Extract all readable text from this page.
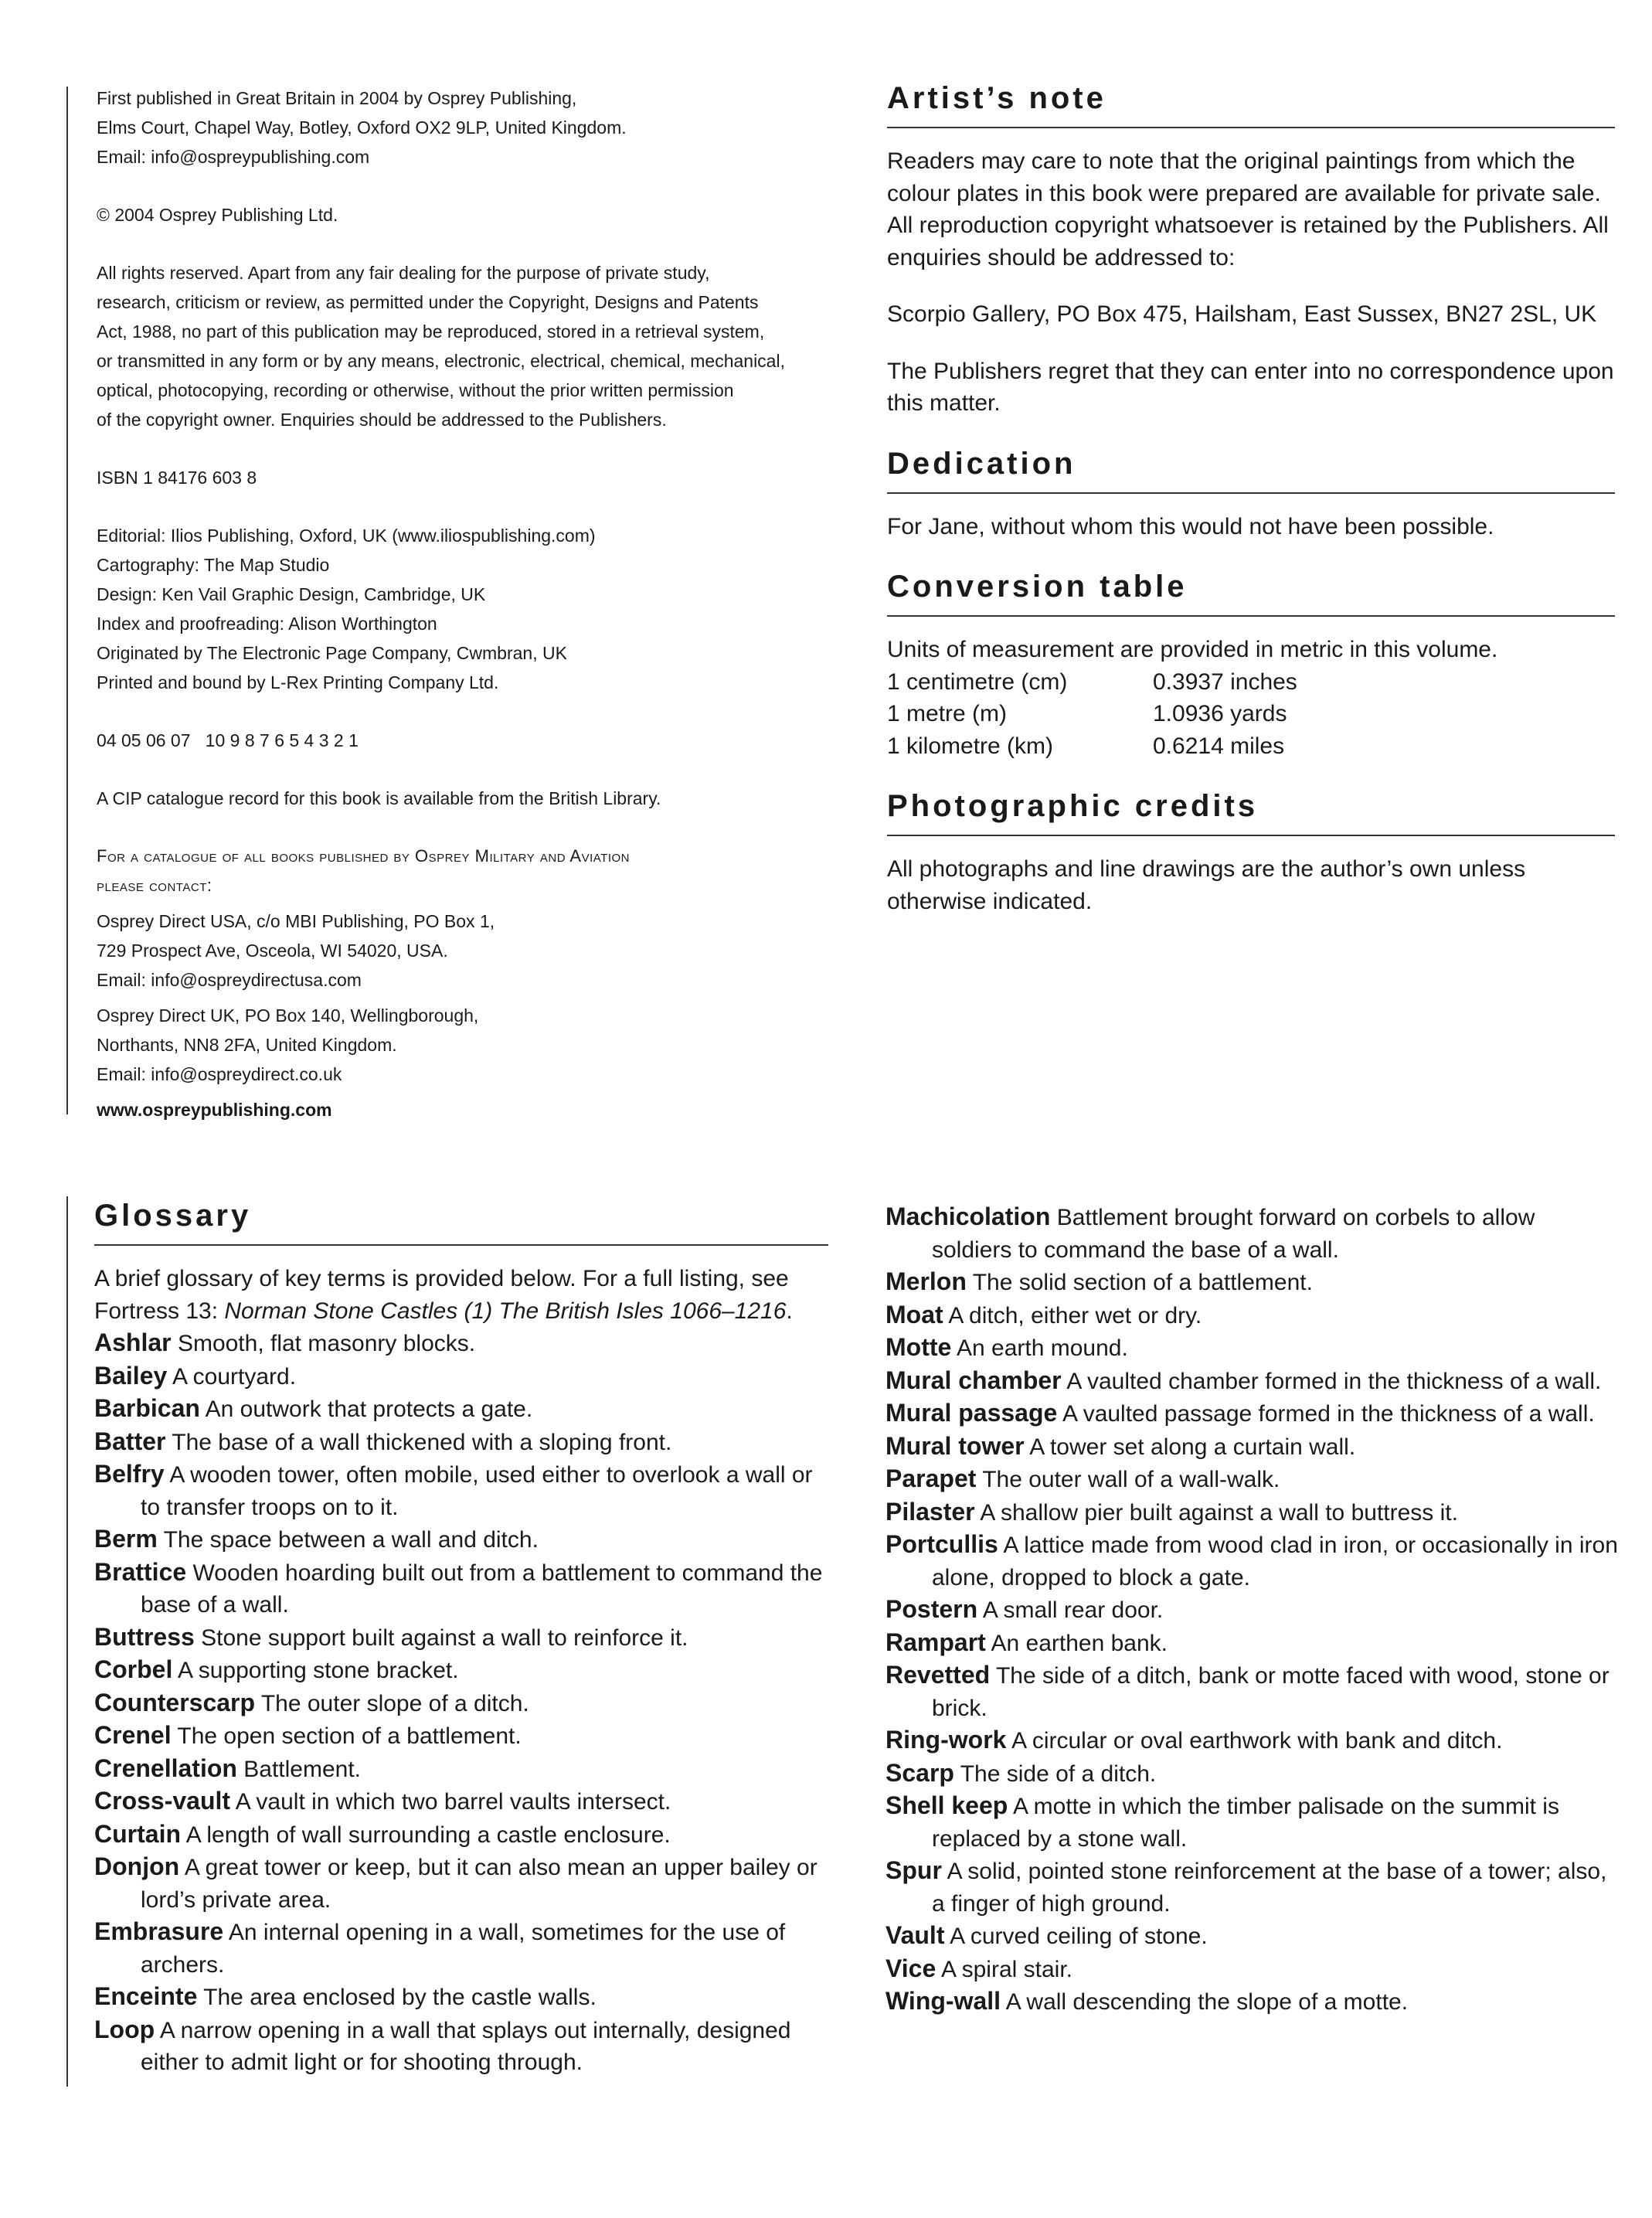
First published in Great Britain in 2004 by Osprey Publishing,
Elms Court, Chapel Way, Botley, Oxford OX2 9LP, United Kingdom.
Email: info@ospreypublishing.com
© 2004 Osprey Publishing Ltd.
All rights reserved. Apart from any fair dealing for the purpose of private study,
research, criticism or review, as permitted under the Copyright, Designs and Patents
Act, 1988, no part of this publication may be reproduced, stored in a retrieval system,
or transmitted in any form or by any means, electronic, electrical, chemical, mechanical,
optical, photocopying, recording or otherwise, without the prior written permission
of the copyright owner. Enquiries should be addressed to the Publishers.
ISBN 1 84176 603 8
Editorial: Ilios Publishing, Oxford, UK (www.iliospublishing.com)
Cartography: The Map Studio
Design: Ken Vail Graphic Design, Cambridge, UK
Index and proofreading: Alison Worthington
Originated by The Electronic Page Company, Cwmbran, UK
Printed and bound by L-Rex Printing Company Ltd.
04 05 06 07   10 9 8 7 6 5 4 3 2 1
A CIP catalogue record for this book is available from the British Library.
For a catalogue of all books published by Osprey Military and Aviation
please contact:
Osprey Direct USA, c/o MBI Publishing, PO Box 1,
729 Prospect Ave, Osceola, WI 54020, USA.
Email: info@ospreydirectusa.com
Osprey Direct UK, PO Box 140, Wellingborough,
Northants, NN8 2FA, United Kingdom.
Email: info@ospreydirect.co.uk
www.ospreypublishing.com
Artist’s note

Readers may care to note that the original paintings from which the colour plates in this book were prepared are available for private sale. All reproduction copyright whatsoever is retained by the Publishers. All enquiries should be addressed to:

Scorpio Gallery, PO Box 475, Hailsham, East Sussex, BN27 2SL, UK

The Publishers regret that they can enter into no correspondence upon this matter.

Dedication

For Jane, without whom this would not have been possible.

Conversion table

Units of measurement are provided in metric in this volume.

1 centimetre (cm)	0.3937 inches
1 metre (m)	1.0936 yards
1 kilometre (km)	0.6214 miles
Photographic credits

All photographs and line drawings are the author’s own unless otherwise indicated.

Glossary

A brief glossary of key terms is provided below. For a full listing, see Fortress 13: Norman Stone Castles (1) The British Isles 1066–1216.

Ashlar Smooth, flat masonry blocks.

Bailey A courtyard.

Barbican An outwork that protects a gate.

Batter The base of a wall thickened with a sloping front.

Belfry A wooden tower, often mobile, used either to overlook a wall or to transfer troops on to it.

Berm The space between a wall and ditch.

Brattice Wooden hoarding built out from a battlement to command the base of a wall.

Buttress Stone support built against a wall to reinforce it.

Corbel A supporting stone bracket.

Counterscarp The outer slope of a ditch.

Crenel The open section of a battlement.

Crenellation Battlement.

Cross-vault A vault in which two barrel vaults intersect.

Curtain A length of wall surrounding a castle enclosure.

Donjon A great tower or keep, but it can also mean an upper bailey or lord’s private area.

Embrasure An internal opening in a wall, sometimes for the use of archers.

Enceinte The area enclosed by the castle walls.

Loop A narrow opening in a wall that splays out internally, designed either to admit light or for shooting through.

Machicolation Battlement brought forward on corbels to allow soldiers to command the base of a wall.

Merlon The solid section of a battlement.

Moat A ditch, either wet or dry.

Motte An earth mound.

Mural chamber A vaulted chamber formed in the thickness of a wall.

Mural passage A vaulted passage formed in the thickness of a wall.

Mural tower A tower set along a curtain wall.

Parapet The outer wall of a wall-walk.

Pilaster A shallow pier built against a wall to buttress it.

Portcullis A lattice made from wood clad in iron, or occasionally in iron alone, dropped to block a gate.

Postern A small rear door.

Rampart An earthen bank.

Revetted The side of a ditch, bank or motte faced with wood, stone or brick.

Ring-work A circular or oval earthwork with bank and ditch.

Scarp The side of a ditch.

Shell keep A motte in which the timber palisade on the summit is replaced by a stone wall.

Spur A solid, pointed stone reinforcement at the base of a tower; also, a finger of high ground.

Vault A curved ceiling of stone.

Vice A spiral stair.

Wing-wall A wall descending the slope of a motte.
